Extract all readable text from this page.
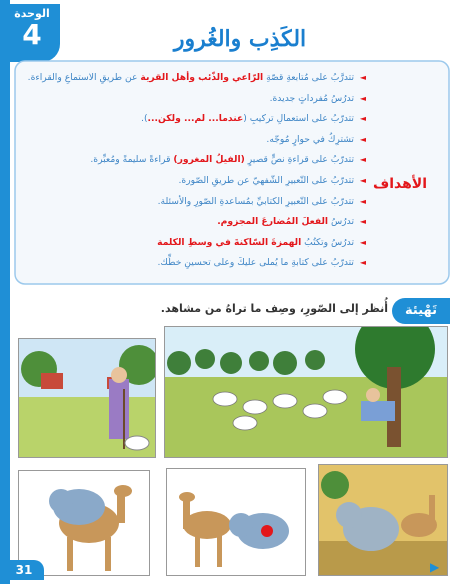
الوحدة
4	الكَذِب والغُرور
◄
تتدرَّبُ على مُتابعةِ قصّةِ الرّاعي والذّئب وأهل القرية عن طريقِ الاستماعِ والقراءة.
◄
تدرُسُ مُفرداتٍ جديدة.
◄
تتدرّبُ على استعمالِ تركيبِ (عندما... لم... ولكن...).
◄
تشترِكُ في حوارٍ مُوجّه.
◄
تتدرّبُ على قراءةِ نصٍّ قصيرٍ (الفيلُ المغرور) قراءةً سليمةً ومُعبِّرة.
◄
تتدرّبُ على التّعبيرِ الشّفهيّ عن طريقِ الصّورة.
◄
تتدرّبُ على التّعبيرِ الكتابيِّ بمُساعدةِ الصّورِ والأسئلة.
◄
تدرُسُ الفعلَ المُضارعَ المجزوم.
◄
تدرُسُ وتكتُبُ الهمزةَ السّاكنةَ في وسطِ الكلمة
◄
تتدرّبُ على كتابةِ ما يُملى عليكَ وعلى تحسينِ خطِّك.
الأهداف
تَهْيئة
أُنظر إلى الصّورِ، وصِف ما تراهُ من مشاهد.
31	▶
